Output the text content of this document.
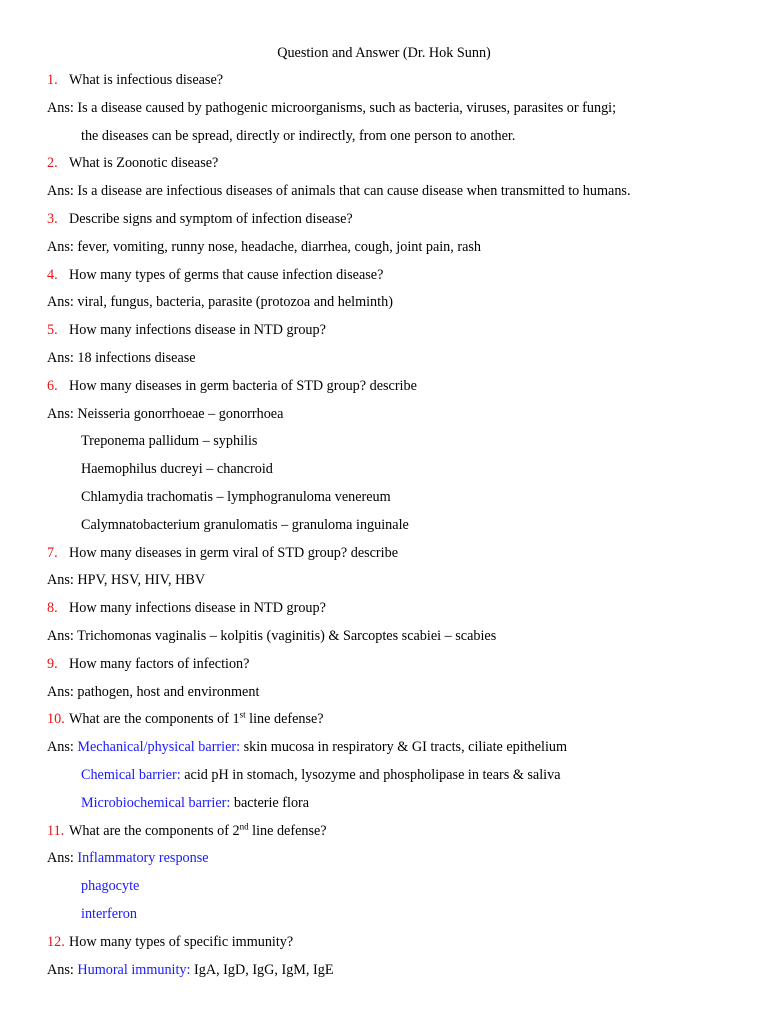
Question and Answer (Dr. Hok Sunn)
1. What is infectious disease?
Ans: Is a disease caused by pathogenic microorganisms, such as bacteria, viruses, parasites or fungi;
the diseases can be spread, directly or indirectly, from one person to another.
2. What is Zoonotic disease?
Ans: Is a disease are infectious diseases of animals that can cause disease when transmitted to humans.
3. Describe signs and symptom of infection disease?
Ans: fever, vomiting, runny nose, headache, diarrhea, cough, joint pain, rash
4. How many types of germs that cause infection disease?
Ans: viral, fungus, bacteria, parasite (protozoa and helminth)
5. How many infections disease in NTD group?
Ans: 18 infections disease
6. How many diseases in germ bacteria of STD group? describe
Ans: Neisseria gonorrhoeae – gonorrhoea
Treponema pallidum – syphilis
Haemophilus ducreyi – chancroid
Chlamydia trachomatis – lymphogranuloma venereum
Calymnatobacterium granulomatis – granuloma inguinale
7. How many diseases in germ viral of STD group? describe
Ans: HPV, HSV, HIV, HBV
8. How many infections disease in NTD group?
Ans: Trichomonas vaginalis – kolpitis (vaginitis) & Sarcoptes scabiei – scabies
9. How many factors of infection?
Ans: pathogen, host and environment
10. What are the components of 1st line defense?
Ans: Mechanical/physical barrier: skin mucosa in respiratory & GI tracts, ciliate epithelium
Chemical barrier: acid pH in stomach, lysozyme and phospholipase in tears & saliva
Microbiochemical barrier: bacterie flora
11. What are the components of 2nd line defense?
Ans: Inflammatory response
phagocyte
interferon
12. How many types of specific immunity?
Ans: Humoral immunity: IgA, IgD, IgG, IgM, IgE
